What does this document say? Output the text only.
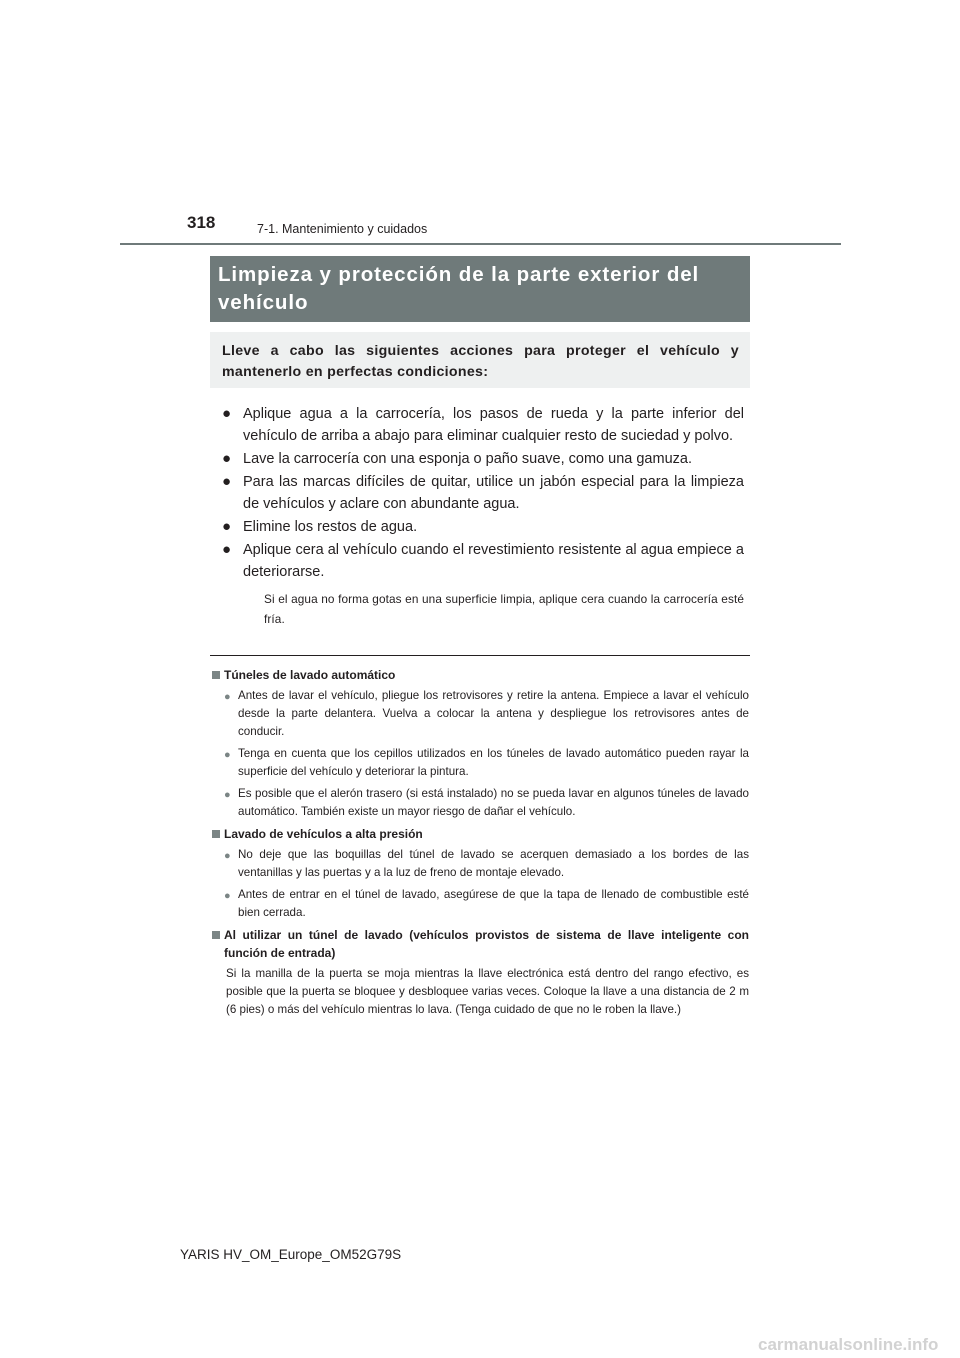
318	7-1. Mantenimiento y cuidados
Limpieza y protección de la parte exterior del vehículo

Lleve a cabo las siguientes acciones para proteger el vehículo y mantenerlo en perfectas condiciones:

● Aplique agua a la carrocería, los pasos de rueda y la parte inferior del vehículo de arriba a abajo para eliminar cualquier resto de suciedad y polvo.
● Lave la carrocería con una esponja o paño suave, como una gamuza.
● Para las marcas difíciles de quitar, utilice un jabón especial para la limpieza de vehículos y aclare con abundante agua.
● Elimine los restos de agua.
● Aplique cera al vehículo cuando el revestimiento resistente al agua empiece a deteriorarse.

Si el agua no forma gotas en una superficie limpia, aplique cera cuando la carrocería esté fría.

Túneles de lavado automático
● Antes de lavar el vehículo, pliegue los retrovisores y retire la antena. Empiece a lavar el vehículo desde la parte delantera. Vuelva a colocar la antena y despliegue los retrovisores antes de conducir.
● Tenga en cuenta que los cepillos utilizados en los túneles de lavado automático pueden rayar la superficie del vehículo y deteriorar la pintura.
● Es posible que el alerón trasero (si está instalado) no se pueda lavar en algunos túneles de lavado automático. También existe un mayor riesgo de dañar el vehículo.
Lavado de vehículos a alta presión
● No deje que las boquillas del túnel de lavado se acerquen demasiado a los bordes de las ventanillas y las puertas y a la luz de freno de montaje elevado.
● Antes de entrar en el túnel de lavado, asegúrese de que la tapa de llenado de combustible esté bien cerrada.
Al utilizar un túnel de lavado (vehículos provistos de sistema de llave inteligente con función de entrada)

Si la manilla de la puerta se moja mientras la llave electrónica está dentro del rango efectivo, es posible que la puerta se bloquee y desbloquee varias veces. Coloque la llave a una distancia de 2 m (6 pies) o más del vehículo mientras lo lava. (Tenga cuidado de que no le roben la llave.)

YARIS HV_OM_Europe_OM52G79S
carmanualsonline.info
